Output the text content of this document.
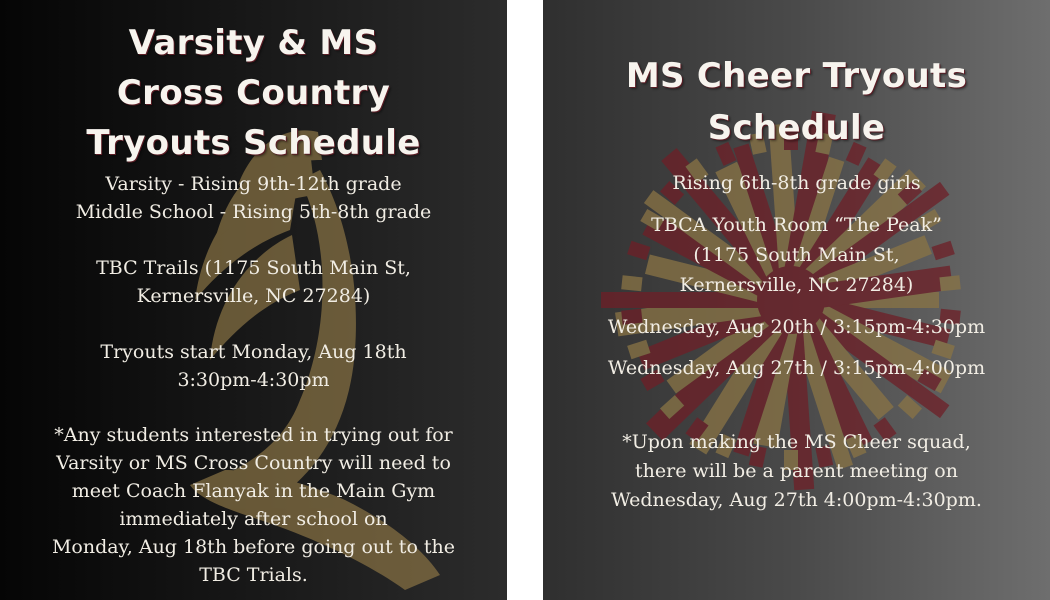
Varsity & MS
Cross Country
Tryouts Schedule
Varsity - Rising 9th-12th grade
Middle School - Rising 5th-8th grade
TBC Trails (1175 South Main St,
Kernersville, NC 27284)
Tryouts start Monday, Aug 18th
3:30pm-4:30pm
*Any students interested in trying out for
Varsity or MS Cross Country will need to
meet Coach Flanyak in the Main Gym
immediately after school on
Monday, Aug 18th before going out to the
TBC Trials.
MS Cheer Tryouts
Schedule
Rising 6th-8th grade girls
TBCA Youth Room “The Peak”
(1175 South Main St,
Kernersville, NC 27284)
Wednesday, Aug 20th / 3:15pm-4:30pm
Wednesday, Aug 27th / 3:15pm-4:00pm
*Upon making the MS Cheer squad,
there will be a parent meeting on
Wednesday, Aug 27th 4:00pm-4:30pm.
